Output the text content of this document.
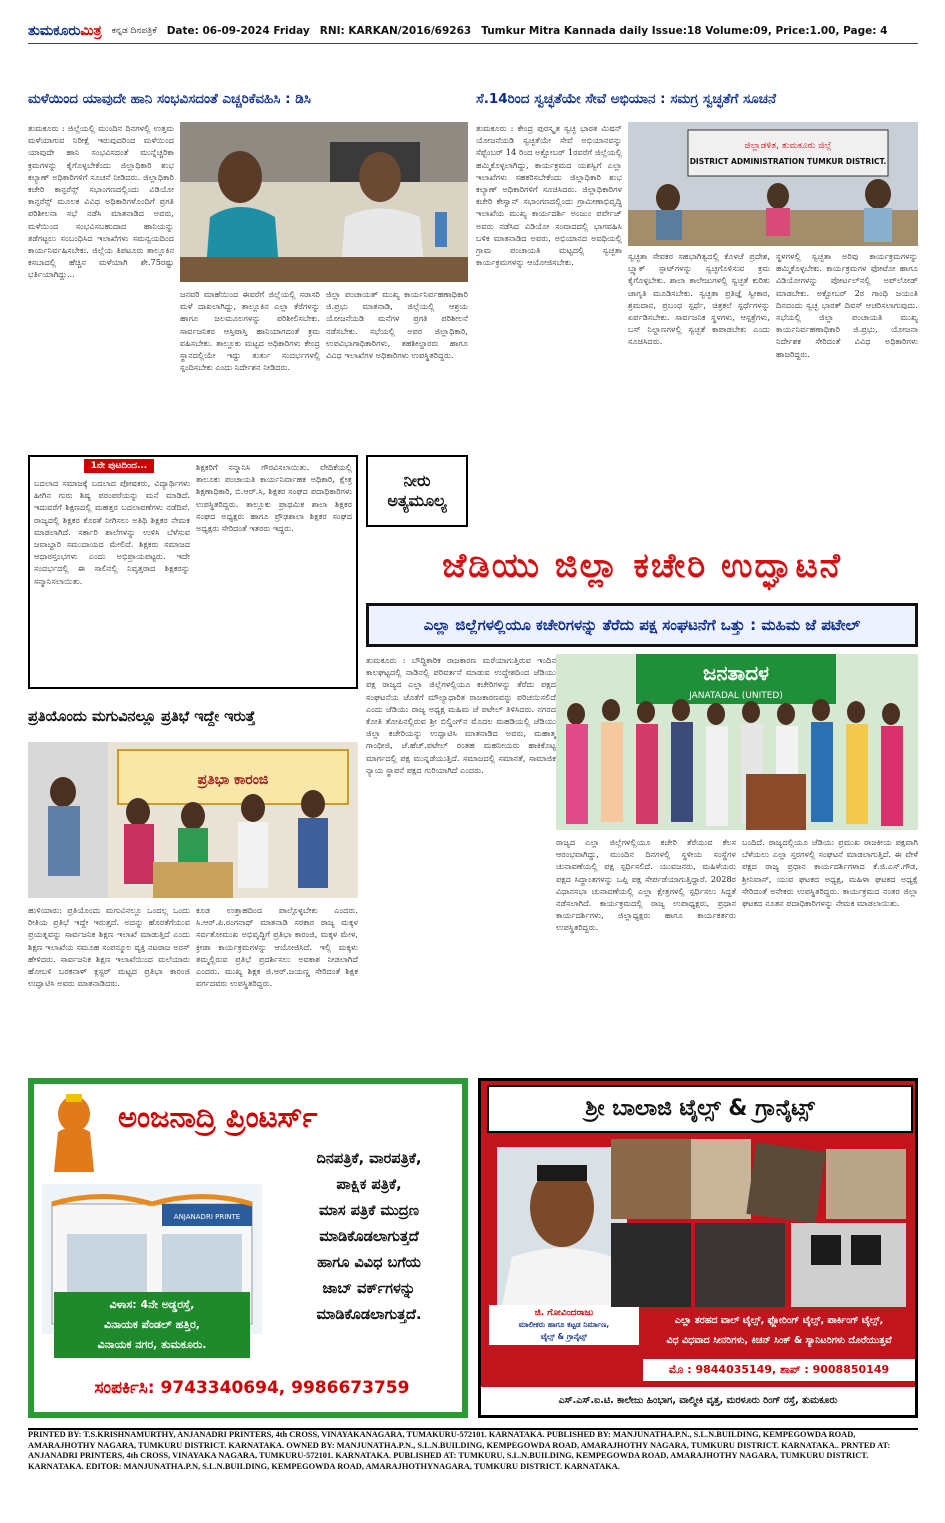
ತುಮಕೂರುಮಿತ್ರ ಕನ್ನಡ ದಿನಪತ್ರಿಕೆ Date: 06-09-2024 Friday RNI: KARKAN/2016/69263 Tumkur Mitra Kannada daily Issue:18 Volume:09, Price:1.00, Page: 4
ಮಳೆಯಿಂದ ಯಾವುದೇ ಹಾನಿ ಸಂಭವಿಸದಂತೆ ಎಚ್ಚರಿಕೆವಹಿಸಿ : ಡಿಸಿ	ಸೆ.14ರಿಂದ ಸ್ವಚ್ಛತೆಯೇ ಸೇವೆ ಅಭಿಯಾನ : ಸಮಗ್ರ ಸ್ವಚ್ಛತೆಗೆ ಸೂಚನೆ
ತುಮಕೂರು : ಜಿಲ್ಲೆಯಲ್ಲಿ ಮುಂದಿನ ದಿನಗಳಲ್ಲಿ ಉತ್ತಮ ಮಳೆಯಾಗುವ ನಿರೀಕ್ಷೆ ಇರುವುದರಿಂದ ಮಳೆಯಿಂದ ಯಾವುದೇ ಹಾನಿ ಸಂಭವಿಸದಂತೆ ಮುನ್ನೆಚ್ಚರಿಕಾ ಕ್ರಮಗಳನ್ನು ಕೈಗೊಳ್ಳಬೇಕೆಂದು ಜಿಲ್ಲಾಧಿಕಾರಿ ಶುಭ ಕಲ್ಯಾಣ್ ಅಧಿಕಾರಿಗಳಿಗೆ ಸೂಚನೆ ನೀಡಿದರು. ಜಿಲ್ಲಾಧಿಕಾರಿ ಕಚೇರಿ ಕಾನ್ಫರೆನ್ಸ್ ಸಭಾಂಗಣದಲ್ಲಿಂದು ವಿಡಿಯೋ ಕಾನ್ಫರೆನ್ಸ್ ಮೂಲಕ ವಿವಿಧ ಅಧಿಕಾರಿಗಳೊಂದಿಗೆ ಪ್ರಗತಿ ಪರಿಶೀಲನಾ ಸಭೆ ನಡೆಸಿ ಮಾತನಾಡಿದ ಅವರು, ಮಳೆಯಿಂದ ಸಂಭವಿಸಬಹುದಾದ ಹಾನಿಯನ್ನು ತಡೆಗಟ್ಟಲು ಸಂಬಂಧಿಸಿದ ಇಲಾಖೆಗಳು ಸಮನ್ವಯದಿಂದ ಕಾರ್ಯನಿರ್ವಹಿಸಬೇಕು. ಜಿಲ್ಲೆಯ ತಿಪಟೂರು ತಾಲ್ಲೂಕಿನ ಕಸಬಾದಲ್ಲಿ ಹೆಚ್ಚಿನ ಮಳೆಯಾಗಿ ಶೇ.75ರಷ್ಟು ಭರ್ತಿಯಾಗಿದ್ದು...
ಜನವರಿ ಮಾಹೆಯಿಂದ ಈವರೆಗೆ ಜಿಲ್ಲೆಯಲ್ಲಿ ಸರಾಸರಿ ಮಳೆ ದಾಖಲಾಗಿದ್ದು, ತಾಲ್ಲೂಕಿನ ಎಲ್ಲಾ ಕೆರೆಗಳನ್ನು ಹಾಗೂ ಜಲಮೂಲಗಳನ್ನು ಪರಿಶೀಲಿಸಬೇಕು. ಸಾರ್ವಜನಿಕರ ಆಸ್ತಿಪಾಸ್ತಿ ಹಾನಿಯಾಗದಂತೆ ಕ್ರಮ ವಹಿಸಬೇಕು. ತಾಲ್ಲೂಕು ಮಟ್ಟದ ಅಧಿಕಾರಿಗಳು ಕೇಂದ್ರ ಸ್ಥಾನದಲ್ಲಿಯೇ ಇದ್ದು ತುರ್ತು ಸಂದರ್ಭಗಳಲ್ಲಿ ಸ್ಪಂದಿಸಬೇಕು ಎಂದು ನಿರ್ದೇಶನ ನೀಡಿದರು.
ಜಿಲ್ಲಾ ಪಂಚಾಯತ್ ಮುಖ್ಯ ಕಾರ್ಯನಿರ್ವಹಣಾಧಿಕಾರಿ ಜಿ.ಪ್ರಭು ಮಾತನಾಡಿ, ಜಿಲ್ಲೆಯಲ್ಲಿ ಆಶ್ರಯ ಯೋಜನೆಯಡಿ ಮನೆಗಳ ಪ್ರಗತಿ ಪರಿಶೀಲನೆ ನಡೆಸಬೇಕು. ಸಭೆಯಲ್ಲಿ ಅಪರ ಜಿಲ್ಲಾಧಿಕಾರಿ, ಉಪವಿಭಾಗಾಧಿಕಾರಿಗಳು, ತಹಶೀಲ್ದಾರರು ಹಾಗೂ ವಿವಿಧ ಇಲಾಖೆಗಳ ಅಧಿಕಾರಿಗಳು ಉಪಸ್ಥಿತರಿದ್ದರು.
ತುಮಕೂರು : ಕೇಂದ್ರ ಪುರಸ್ಕೃತ ಸ್ವಚ್ಛ ಭಾರತ ಮಿಷನ್ ಯೋಜನೆಯಡಿ ಸ್ವಚ್ಛತೆಯೇ ಸೇವೆ ಅಭಿಯಾನವನ್ನು ಸೆಪ್ಟೆಂಬರ್ 14 ರಿಂದ ಅಕ್ಟೋಬರ್ 1ರವರೆಗೆ ಜಿಲ್ಲೆಯಲ್ಲಿ ಹಮ್ಮಿಕೊಳ್ಳಲಾಗಿದ್ದು, ಕಾರ್ಯಕ್ರಮದ ಯಶಸ್ವಿಗೆ ಎಲ್ಲಾ ಇಲಾಖೆಗಳು ಸಹಕರಿಸಬೇಕೆಂದು ಜಿಲ್ಲಾಧಿಕಾರಿ ಶುಭ ಕಲ್ಯಾಣ್ ಅಧಿಕಾರಿಗಳಿಗೆ ಸೂಚಿಸಿದರು. ಜಿಲ್ಲಾಧಿಕಾರಿಗಳ ಕಚೇರಿ ಕೇಸ್ವಾನ್ ಸಭಾಂಗಣದಲ್ಲಿಂದು ಗ್ರಾಮೀಣಾಭಿವೃದ್ಧಿ ಇಲಾಖೆಯ ಮುಖ್ಯ ಕಾರ್ಯದರ್ಶಿ ಅಂಜುಂ ಪರ್ವೇಜ್ ಅವರು ನಡೆಸಿದ ವಿಡಿಯೋ ಸಂವಾದದಲ್ಲಿ ಭಾಗವಹಿಸಿ ಬಳಿಕ ಮಾತನಾಡಿದ ಅವರು, ಅಭಿಯಾನದ ಅವಧಿಯಲ್ಲಿ ಗ್ರಾಮ ಪಂಚಾಯತಿ ಮಟ್ಟದಲ್ಲಿ ಸ್ವಚ್ಛತಾ ಕಾರ್ಯಕ್ರಮಗಳನ್ನು ಆಯೋಜಿಸಬೇಕು.
ಜಿಲ್ಲಾಡಳಿತ, ತುಮಕೂರು ಜಿಲ್ಲೆ
DISTRICT ADMINISTRATION TUMKUR DISTRICT.
ಸ್ವಚ್ಛತಾ ಸೇವಕರ ಸಹಭಾಗಿತ್ವದಲ್ಲಿ ಕೊಳಚೆ ಪ್ರದೇಶ, ಬ್ಲ್ಯಾಕ್ ಸ್ಪಾಟ್‌ಗಳನ್ನು ಸ್ವಚ್ಛಗೊಳಿಸುವ ಕ್ರಮ ಕೈಗೊಳ್ಳಬೇಕು. ಶಾಲಾ ಕಾಲೇಜುಗಳಲ್ಲಿ ಸ್ವಚ್ಛತೆ ಕುರಿತು ಜಾಗೃತಿ ಮೂಡಿಸಬೇಕು. ಸ್ವಚ್ಛತಾ ಪ್ರತಿಜ್ಞೆ ಸ್ವೀಕಾರ, ಶ್ರಮದಾನ, ಪ್ರಬಂಧ ಸ್ಪರ್ಧೆ, ಚಿತ್ರಕಲೆ ಸ್ಪರ್ಧೆಗಳನ್ನು ಏರ್ಪಡಿಸಬೇಕು. ಸಾರ್ವಜನಿಕ ಸ್ಥಳಗಳು, ಆಸ್ಪತ್ರೆಗಳು, ಬಸ್ ನಿಲ್ದಾಣಗಳಲ್ಲಿ ಸ್ವಚ್ಛತೆ ಕಾಪಾಡಬೇಕು ಎಂದು ಸೂಚಿಸಿದರು.
ಸ್ಥಳಗಳಲ್ಲಿ ಸ್ವಚ್ಛತಾ ಅರಿವು ಕಾರ್ಯಕ್ರಮಗಳನ್ನು ಹಮ್ಮಿಕೊಳ್ಳಬೇಕು. ಕಾರ್ಯಕ್ರಮಗಳ ಫೋಟೋ ಹಾಗೂ ವಿಡಿಯೋಗಳನ್ನು ಪೋರ್ಟಲ್‌ನಲ್ಲಿ ಅಪ್‌ಲೋಡ್ ಮಾಡಬೇಕು. ಅಕ್ಟೋಬರ್ 2ರ ಗಾಂಧಿ ಜಯಂತಿ ದಿನದಂದು ಸ್ವಚ್ಛ ಭಾರತ್ ದಿವಸ್ ಆಚರಿಸಲಾಗುವುದು. ಸಭೆಯಲ್ಲಿ ಜಿಲ್ಲಾ ಪಂಚಾಯತಿ ಮುಖ್ಯ ಕಾರ್ಯನಿರ್ವಹಣಾಧಿಕಾರಿ ಜಿ.ಪ್ರಭು, ಯೋಜನಾ ನಿರ್ದೇಶಕ ಸೇರಿದಂತೆ ವಿವಿಧ ಅಧಿಕಾರಿಗಳು ಹಾಜರಿದ್ದರು.
1ನೇ ಪುಟದಿಂದ...
ಬದಲಾದ ಸಮಾಜಕ್ಕೆ ಬದಲಾದ ಪೋಷಕರು, ವಿದ್ಯಾರ್ಥಿಗಳು ಹೀಗಿನ ಗುರು ಶಿಷ್ಯ ಪರಂಪರೆಯನ್ನು ಮನೆ ಮಾಡಿದೆ. ಇದುವರೆಗೆ ಶಿಕ್ಷಣದಲ್ಲಿ ಮಹತ್ತರ ಬದಲಾವಣೆಗಳು ನಡೆದಿವೆ. ರಾಜ್ಯದಲ್ಲಿ ಶಿಕ್ಷಕರ ಕೊರತೆ ನೀಗಿಸಲು ಅತಿಥಿ ಶಿಕ್ಷಕರ ನೇಮಕ ಮಾಡಲಾಗಿದೆ. ಸರ್ಕಾರಿ ಶಾಲೆಗಳನ್ನು ಉಳಿಸಿ ಬೆಳೆಸುವ ಜವಾಬ್ದಾರಿ ಸಮುದಾಯದ ಮೇಲಿದೆ. ಶಿಕ್ಷಕರು ಸಮಾಜದ ಆಧಾರಸ್ತಂಭಗಳು ಎಂದು ಅಭಿಪ್ರಾಯಪಟ್ಟರು. ಇದೇ ಸಂದರ್ಭದಲ್ಲಿ ಈ ಸಾಲಿನಲ್ಲಿ ನಿವೃತ್ತರಾದ ಶಿಕ್ಷಕರನ್ನು ಸನ್ಮಾನಿಸಲಾಯಿತು.
ಶಿಕ್ಷಕರಿಗೆ ಸನ್ಮಾನಿಸಿ ಗೌರವಿಸಲಾಯಿತು. ವೇದಿಕೆಯಲ್ಲಿ ತಾಲೂಕು ಪಂಚಾಯತಿ ಕಾರ್ಯನಿರ್ವಾಹಕ ಅಧಿಕಾರಿ, ಕ್ಷೇತ್ರ ಶಿಕ್ಷಣಾಧಿಕಾರಿ, ಬಿ.ಆರ್.ಸಿ, ಶಿಕ್ಷಕರ ಸಂಘದ ಪದಾಧಿಕಾರಿಗಳು ಉಪಸ್ಥಿತರಿದ್ದರು. ತಾಲ್ಲೂಕು ಪ್ರಾಥಮಿಕ ಶಾಲಾ ಶಿಕ್ಷಕರ ಸಂಘದ ಅಧ್ಯಕ್ಷರು ಹಾಗೂ ಪ್ರೌಢಶಾಲಾ ಶಿಕ್ಷಕರ ಸಂಘದ ಅಧ್ಯಕ್ಷರು ಸೇರಿದಂತೆ ಇತರರು ಇದ್ದರು.
ನೀರು
ಅತ್ಯಮೂಲ್ಯ
ಜೆಡಿಯು ಜಿಲ್ಲಾ ಕಚೇರಿ ಉದ್ಘಾಟನೆ
ಎಲ್ಲಾ ಜಿಲ್ಲೆಗಳಲ್ಲಿಯೂ ಕಚೇರಿಗಳನ್ನು ತೆರೆದು ಪಕ್ಷ ಸಂಘಟನೆಗೆ ಒತ್ತು : ಮಹಿಮ ಜೆ ಪಟೇಲ್
ಪ್ರತಿಯೊಂದು ಮಗುವಿನಲ್ಲೂ ಪ್ರತಿಭೆ ಇದ್ದೇ ಇರುತ್ತೆ
ಪ್ರತಿಭಾ ಕಾರಂಜಿ
ಹುಳಿಯಾರು: ಪ್ರತಿಯೊಂದು ಮಗುವಿನಲ್ಲೂ ಒಂದಲ್ಲ ಒಂದು ರೀತಿಯ ಪ್ರತಿಭೆ ಇದ್ದೇ ಇರುತ್ತದೆ. ಅದನ್ನು ಹೊರತೆಗೆಯುವ ಪ್ರಯತ್ನವನ್ನು ಸಾರ್ವಜನಿಕ ಶಿಕ್ಷಣ ಇಲಾಖೆ ಮಾಡುತ್ತಿದೆ ಎಂದು ಶಿಕ್ಷಣ ಇಲಾಖೆಯ ಸಮೂಹ ಸಂಪನ್ಮೂಲ ವ್ಯಕ್ತಿ ನಟರಾಜ ಅರಸ್ ಹೇಳಿದರು. ಸಾರ್ವಜನಿಕ ಶಿಕ್ಷಣ ಇಲಾಖೆಯಿಂದ ಮಲೆಯಾರು ಹೋಬಳಿ ಬರಕನಾಳ್ ಕ್ಲಸ್ಟರ್ ಮಟ್ಟದ ಪ್ರತಿಭಾ ಕಾರಂಜಿ ಉದ್ಘಾಟಿಸಿ ಅವರು ಮಾತನಾಡಿದರು.
ಕೂಡ ಉತ್ತಾಹದಿಂದ ಪಾಲ್ಗೊಳ್ಳಬೇಕು ಎಂದರು. ಸಿ.ಆರ್.ಪಿ.ರಂಗನಾಥ್ ಮಾತನಾಡಿ ಸರಕಾರ ರಾಜ್ಯ ಮಕ್ಕಳ ಸರ್ವತೋಮುಖ ಅಭಿವೃದ್ಧಿಗೆ ಪ್ರತಿಭಾ ಕಾರಂಜಿ, ಮಕ್ಕಳ ಮೇಳ, ಕ್ರೀಡಾ ಕಾರ್ಯಕ್ರಮಗಳನ್ನು ಆಯೋಜಿಸಿದೆ. ಇಲ್ಲಿ ಮಕ್ಕಳು ತಮ್ಮಲ್ಲಿರುವ ಪ್ರತಿಭೆ ಪ್ರದರ್ಶಿಸಲು ಅವಕಾಶ ನೀಡಲಾಗಿದೆ ಎಂದರು. ಮುಖ್ಯ ಶಿಕ್ಷಕ ಜಿ.ಆರ್.ಜಯಣ್ಣ ಸೇರಿದಂತೆ ಶಿಕ್ಷಕ ವರ್ಗದವರು ಉಪಸ್ಥಿತರಿದ್ದರು.
ತುಮಕೂರು : ಬೌದ್ಧಿಕಾರಿಕ ರಾಜಕಾರಣ ಮರೆಯಾಗುತ್ತಿರುವ ಇಂದಿನ ಕಾಲಘಟ್ಟದಲ್ಲಿ ನಾಡಿನಲ್ಲಿ ಪರಿವರ್ತನೆ ಮಾಡುವ ಉದ್ದೇಶದಿಂದ ಜೆಡಿಯು ಪಕ್ಷ ರಾಜ್ಯದ ಎಲ್ಲಾ ಜಿಲ್ಲೆಗಳಲ್ಲಿಯೂ ಕಚೇರಿಗಳನ್ನು ತೆರೆದು ಪಕ್ಷದ ಸಂಘಟನೆಯ ಜೊತೆಗೆ ಮೌಲ್ಯಾಧಾರಿತ ರಾಜಕಾರಣವನ್ನು ಪರಿಚಯಿಸಲಿದೆ ಎಂದು ಜೆಡಿಯು ರಾಜ್ಯ ಅಧ್ಯಕ್ಷ ಮಹಿಮ ಜೆ ಪಟೇಲ್ ತಿಳಿಸಿದರು. ನಗರದ ಕೋತಿ ತೋಪಿನಲ್ಲಿರುವ ಶ್ರೀ ಬಿಲ್ಡಿಂಗ್‌ನ ಮೊದಲ ಮಹಡಿಯಲ್ಲಿ ಜೆಡಿಯು ಜಿಲ್ಲಾ ಕಚೇರಿಯನ್ನು ಉದ್ಘಾಟಿಸಿ ಮಾತನಾಡಿದ ಅವರು, ಮಹಾತ್ಮ ಗಾಂಧೀಜಿ, ಜೆ.ಹೆಚ್.ಪಟೇಲ್ ರಂತಹ ಮಹನೀಯರು ಹಾಕಿಕೊಟ್ಟ ಮಾರ್ಗದಲ್ಲಿ ಪಕ್ಷ ಮುನ್ನಡೆಯುತ್ತಿದೆ. ಸಮಾಜದಲ್ಲಿ ಸಮಾನತೆ, ಸಾಮಾಜಿಕ ನ್ಯಾಯ ಸ್ಥಾಪನೆ ಪಕ್ಷದ ಗುರಿಯಾಗಿದೆ ಎಂದರು.
ಜನತಾದಳ
JANATADAL (UNITED)
ರಾಜ್ಯದ ಎಲ್ಲಾ ಜಿಲ್ಲೆಗಳಲ್ಲಿಯೂ ಕಚೇರಿ ತೆರೆಯುವ ಕೆಲಸ ಆರಂಭವಾಗಿದ್ದು, ಮುಂದಿನ ದಿನಗಳಲ್ಲಿ ಸ್ಥಳೀಯ ಸಂಸ್ಥೆಗಳ ಚುನಾವಣೆಯಲ್ಲಿ ಪಕ್ಷ ಸ್ಪರ್ಧಿಸಲಿದೆ. ಯುವಜನರು, ಮಹಿಳೆಯರು ಪಕ್ಷದ ಸಿದ್ಧಾಂತಗಳನ್ನು ಒಪ್ಪಿ ಪಕ್ಷ ಸೇರ್ಪಡೆಯಾಗುತ್ತಿದ್ದಾರೆ. 2028ರ ವಿಧಾನಸಭಾ ಚುನಾವಣೆಯಲ್ಲಿ ಎಲ್ಲಾ ಕ್ಷೇತ್ರಗಳಲ್ಲಿ ಸ್ಪರ್ಧಿಸಲು ಸಿದ್ಧತೆ ನಡೆಸಲಾಗಿದೆ. ಕಾರ್ಯಕ್ರಮದಲ್ಲಿ ರಾಜ್ಯ ಉಪಾಧ್ಯಕ್ಷರು, ಪ್ರಧಾನ ಕಾರ್ಯದರ್ಶಿಗಳು, ಜಿಲ್ಲಾಧ್ಯಕ್ಷರು ಹಾಗೂ ಕಾರ್ಯಕರ್ತರು ಉಪಸ್ಥಿತರಿದ್ದರು.
ಬಂದಿದೆ. ರಾಜ್ಯದಲ್ಲಿಯೂ ಜೆಡಿಯು ಪ್ರಮುಖ ರಾಜಕೀಯ ಪಕ್ಷವಾಗಿ ಬೆಳೆಯಲು ಎಲ್ಲಾ ಸ್ತರಗಳಲ್ಲಿ ಸಂಘಟನೆ ಮಾಡಲಾಗುತ್ತಿದೆ. ಈ ವೇಳೆ ಪಕ್ಷದ ರಾಜ್ಯ ಪ್ರಧಾನ ಕಾರ್ಯದರ್ಶಿಗಳಾದ ಕೆ.ಜಿ.ಎಸ್.ಗೌಡ, ಶ್ರೀನಿವಾಸ್, ಯುವ ಘಟಕದ ಅಧ್ಯಕ್ಷ, ಮಹಿಳಾ ಘಟಕದ ಅಧ್ಯಕ್ಷೆ ಸೇರಿದಂತೆ ಅನೇಕರು ಉಪಸ್ಥಿತರಿದ್ದರು. ಕಾರ್ಯಕ್ರಮದ ನಂತರ ಜಿಲ್ಲಾ ಘಟಕದ ನೂತನ ಪದಾಧಿಕಾರಿಗಳನ್ನು ನೇಮಕ ಮಾಡಲಾಯಿತು.
ಅಂಜನಾದ್ರಿ ಪ್ರಿಂಟರ್ಸ್
ANJANADRI PRINTE
ದಿನಪತ್ರಿಕೆ, ವಾರಪತ್ರಿಕೆ,
ಪಾಕ್ಷಿಕ ಪತ್ರಿಕೆ,
ಮಾಸ ಪತ್ರಿಕೆ ಮುದ್ರಣ
ಮಾಡಿಕೊಡಲಾಗುತ್ತದೆ
ಹಾಗೂ ವಿವಿಧ ಬಗೆಯ
ಜಾಬ್ ವರ್ಕ್‌ಗಳನ್ನು
ಮಾಡಿಕೊಡಲಾಗುತ್ತದೆ.
ವಿಳಾಸ: 4ನೇ ಅಡ್ಡರಸ್ತೆ,
ವಿನಾಯಕ ಪೆಂಡಲ್ ಹತ್ತಿರ,
ವಿನಾಯಕ ನಗರ, ತುಮಕೂರು.
ಸಂಪರ್ಕಿಸಿ: 9743340694, 9986673759
ಶ್ರೀ ಬಾಲಾಜಿ ಟೈಲ್ಸ್ & ಗ್ರಾನೈಟ್ಸ್
ಜಿ. ಗೋವಿಂದರಾಜು
ಮಾಲೀಕರು ಹಾಗೂ ಕಟ್ಟಡ ನಿರ್ಮಾಣ,
ಟೈಲ್ಸ್ & ಗ್ರಾನೈಟ್ಸ್
ಎಲ್ಲಾ ತರಹದ ವಾಲ್ ಟೈಲ್ಸ್, ಫ್ಲೋರಿಂಗ್ ಟೈಲ್ಸ್, ಪಾರ್ಕಿಂಗ್ ಟೈಲ್ಸ್,
ವಿಧ ವಿಧವಾದ ಸೀನರಿಗಳು, ಕಿಚನ್ ಸಿಂಕ್ & ಸ್ಯಾನಿಟರಿಗಳು ದೊರೆಯುತ್ತವೆ
ಮೊ : 9844035149, ಶಾಪ್ : 9008850149
ಎಸ್.ಎಸ್.ಐ.ಟಿ. ಕಾಲೇಜು ಹಿಂಭಾಗ, ವಾಲ್ಮೀಕಿ ವೃತ್ತ, ಮರಳೂರು ರಿಂಗ್ ರಸ್ತೆ, ತುಮಕೂರು
PRINTED BY: T.S.KRISHNAMURTHY, ANJANADRI PRINTERS, 4th CROSS, VINAYAKANAGARA, TUMAKURU-572101. KARNATAKA. PUBLISHED BY: MANJUNATHA.P.N., S.L.N.BUILDING, KEMPEGOWDA ROAD, AMARAJHOTHY NAGARA, TUMKURU DISTRICT. KARNATAKA. OWNED BY: MANJUNATHA.P.N., S.L.N.BUILDING, KEMPEGOWDA ROAD, AMARAJHOTHY NAGARA, TUMKURU DISTRICT. KARNATAKA.. PRNTED AT: ANJANADRI PRINTERS, 4th CROSS, VINAYAKA NAGARA, TUMKURU-572101. KARNATAKA. PUBLISHED AT: TUMKURU, S.L.N.BUILDING, KEMPEGOWDA ROAD, AMARAJHOTHY NAGARA, TUMKURU DISTRICT. KARNATAKA. EDITOR: MANJUNATHA.P.N, S.L.N.BUILDING, KEMPEGOWDA ROAD, AMARAJHOTHYNAGARA, TUMKURU DISTRICT. KARNATAKA.
